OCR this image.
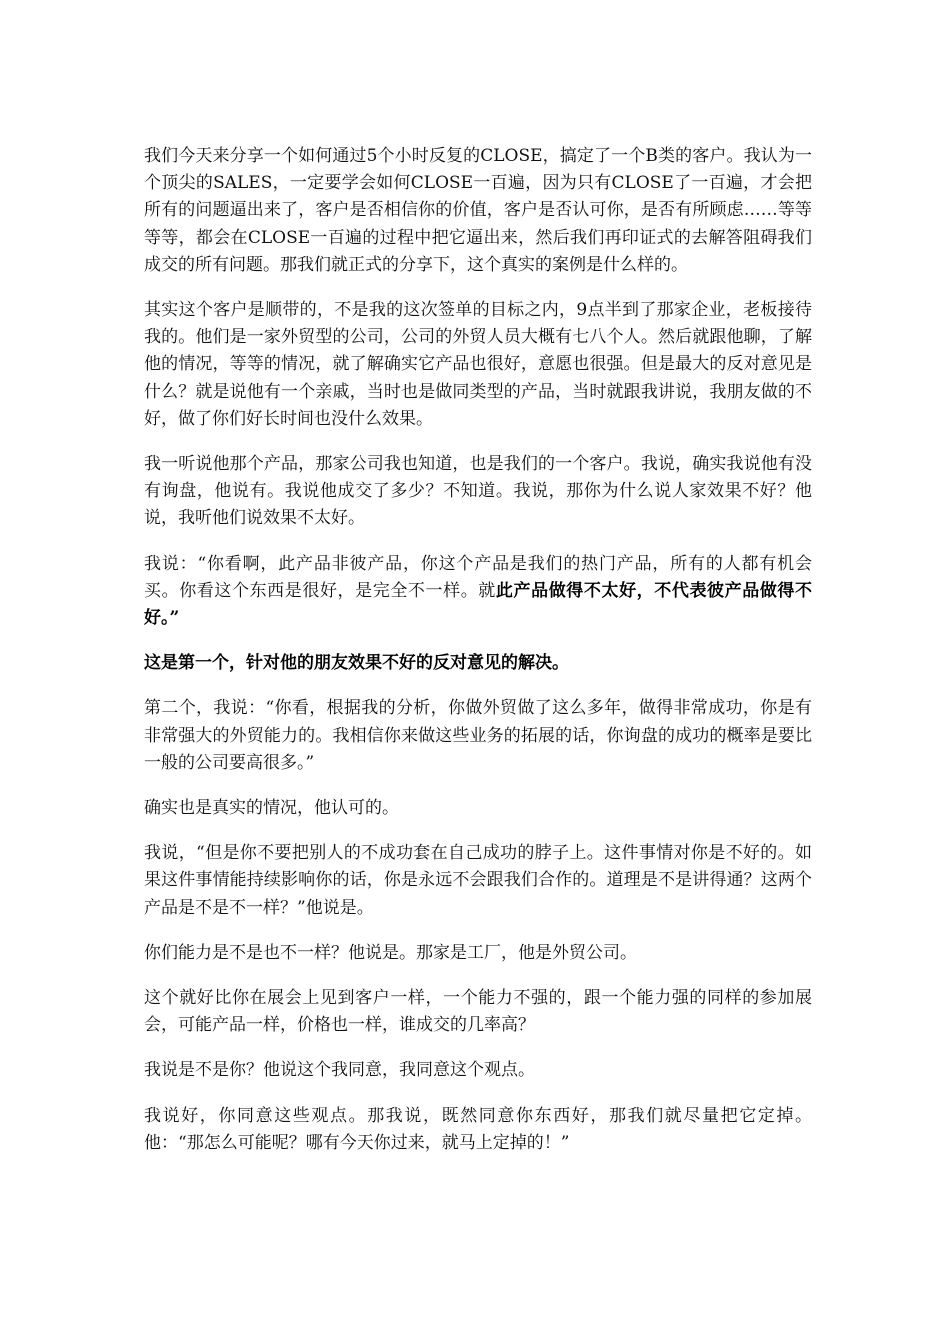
我们今天来分享一个如何通过5个小时反复的CLOSE，搞定了一个B类的客户。我认为一个顶尖的SALES，一定要学会如何CLOSE一百遍，因为只有CLOSE了一百遍，才会把所有的问题逼出来了，客户是否相信你的价值，客户是否认可你，是否有所顾虑……等等等等，都会在CLOSE一百遍的过程中把它逼出来，然后我们再印证式的去解答阻碍我们成交的所有问题。那我们就正式的分享下，这个真实的案例是什么样的。

其实这个客户是顺带的，不是我的这次签单的目标之内，9点半到了那家企业，老板接待我的。他们是一家外贸型的公司，公司的外贸人员大概有七八个人。然后就跟他聊，了解他的情况，等等的情况，就了解确实它产品也很好，意愿也很强。但是最大的反对意见是什么？就是说他有一个亲戚，当时也是做同类型的产品，当时就跟我讲说，我朋友做的不好，做了你们好长时间也没什么效果。

我一听说他那个产品，那家公司我也知道，也是我们的一个客户。我说，确实我说他有没有询盘，他说有。我说他成交了多少？不知道。我说，那你为什么说人家效果不好？他说，我听他们说效果不太好。

我说：“你看啊，此产品非彼产品，你这个产品是我们的热门产品，所有的人都有机会买。你看这个东西是很好，是完全不一样。就此产品做得不太好，不代表彼产品做得不好。”

这是第一个，针对他的朋友效果不好的反对意见的解决。

第二个，我说：“你看，根据我的分析，你做外贸做了这么多年，做得非常成功，你是有非常强大的外贸能力的。我相信你来做这些业务的拓展的话，你询盘的成功的概率是要比一般的公司要高很多。”

确实也是真实的情况，他认可的。

我说，“但是你不要把别人的不成功套在自己成功的脖子上。这件事情对你是不好的。如果这件事情能持续影响你的话，你是永远不会跟我们合作的。道理是不是讲得通？这两个产品是不是不一样？”他说是。

你们能力是不是也不一样？他说是。那家是工厂，他是外贸公司。

这个就好比你在展会上见到客户一样，一个能力不强的，跟一个能力强的同样的参加展会，可能产品一样，价格也一样，谁成交的几率高？

我说是不是你？他说这个我同意，我同意这个观点。

我说好，你同意这些观点。那我说，既然同意你东西好，那我们就尽量把它定掉。他：“那怎么可能呢？哪有今天你过来，就马上定掉的！”
